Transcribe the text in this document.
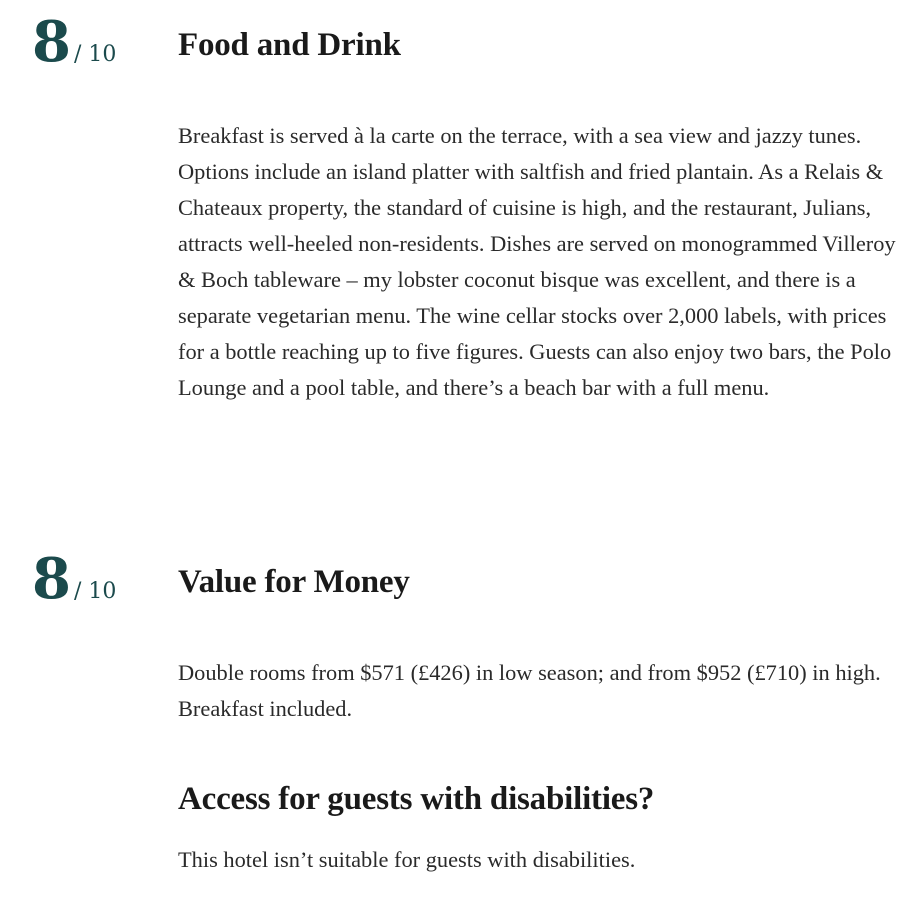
8 / 10 Food and Drink

Breakfast is served à la carte on the terrace, with a sea view and jazzy tunes. Options include an island platter with saltfish and fried plantain. As a Relais & Chateaux property, the standard of cuisine is high, and the restaurant, Julians, attracts well-heeled non-residents. Dishes are served on monogrammed Villeroy & Boch tableware – my lobster coconut bisque was excellent, and there is a separate vegetarian menu. The wine cellar stocks over 2,000 labels, with prices for a bottle reaching up to five figures. Guests can also enjoy two bars, the Polo Lounge and a pool table, and there’s a beach bar with a full menu.

8 / 10 Value for Money

Double rooms from $571 (£426) in low season; and from $952 (£710) in high. Breakfast included.

Access for guests with disabilities?

This hotel isn’t suitable for guests with disabilities.
